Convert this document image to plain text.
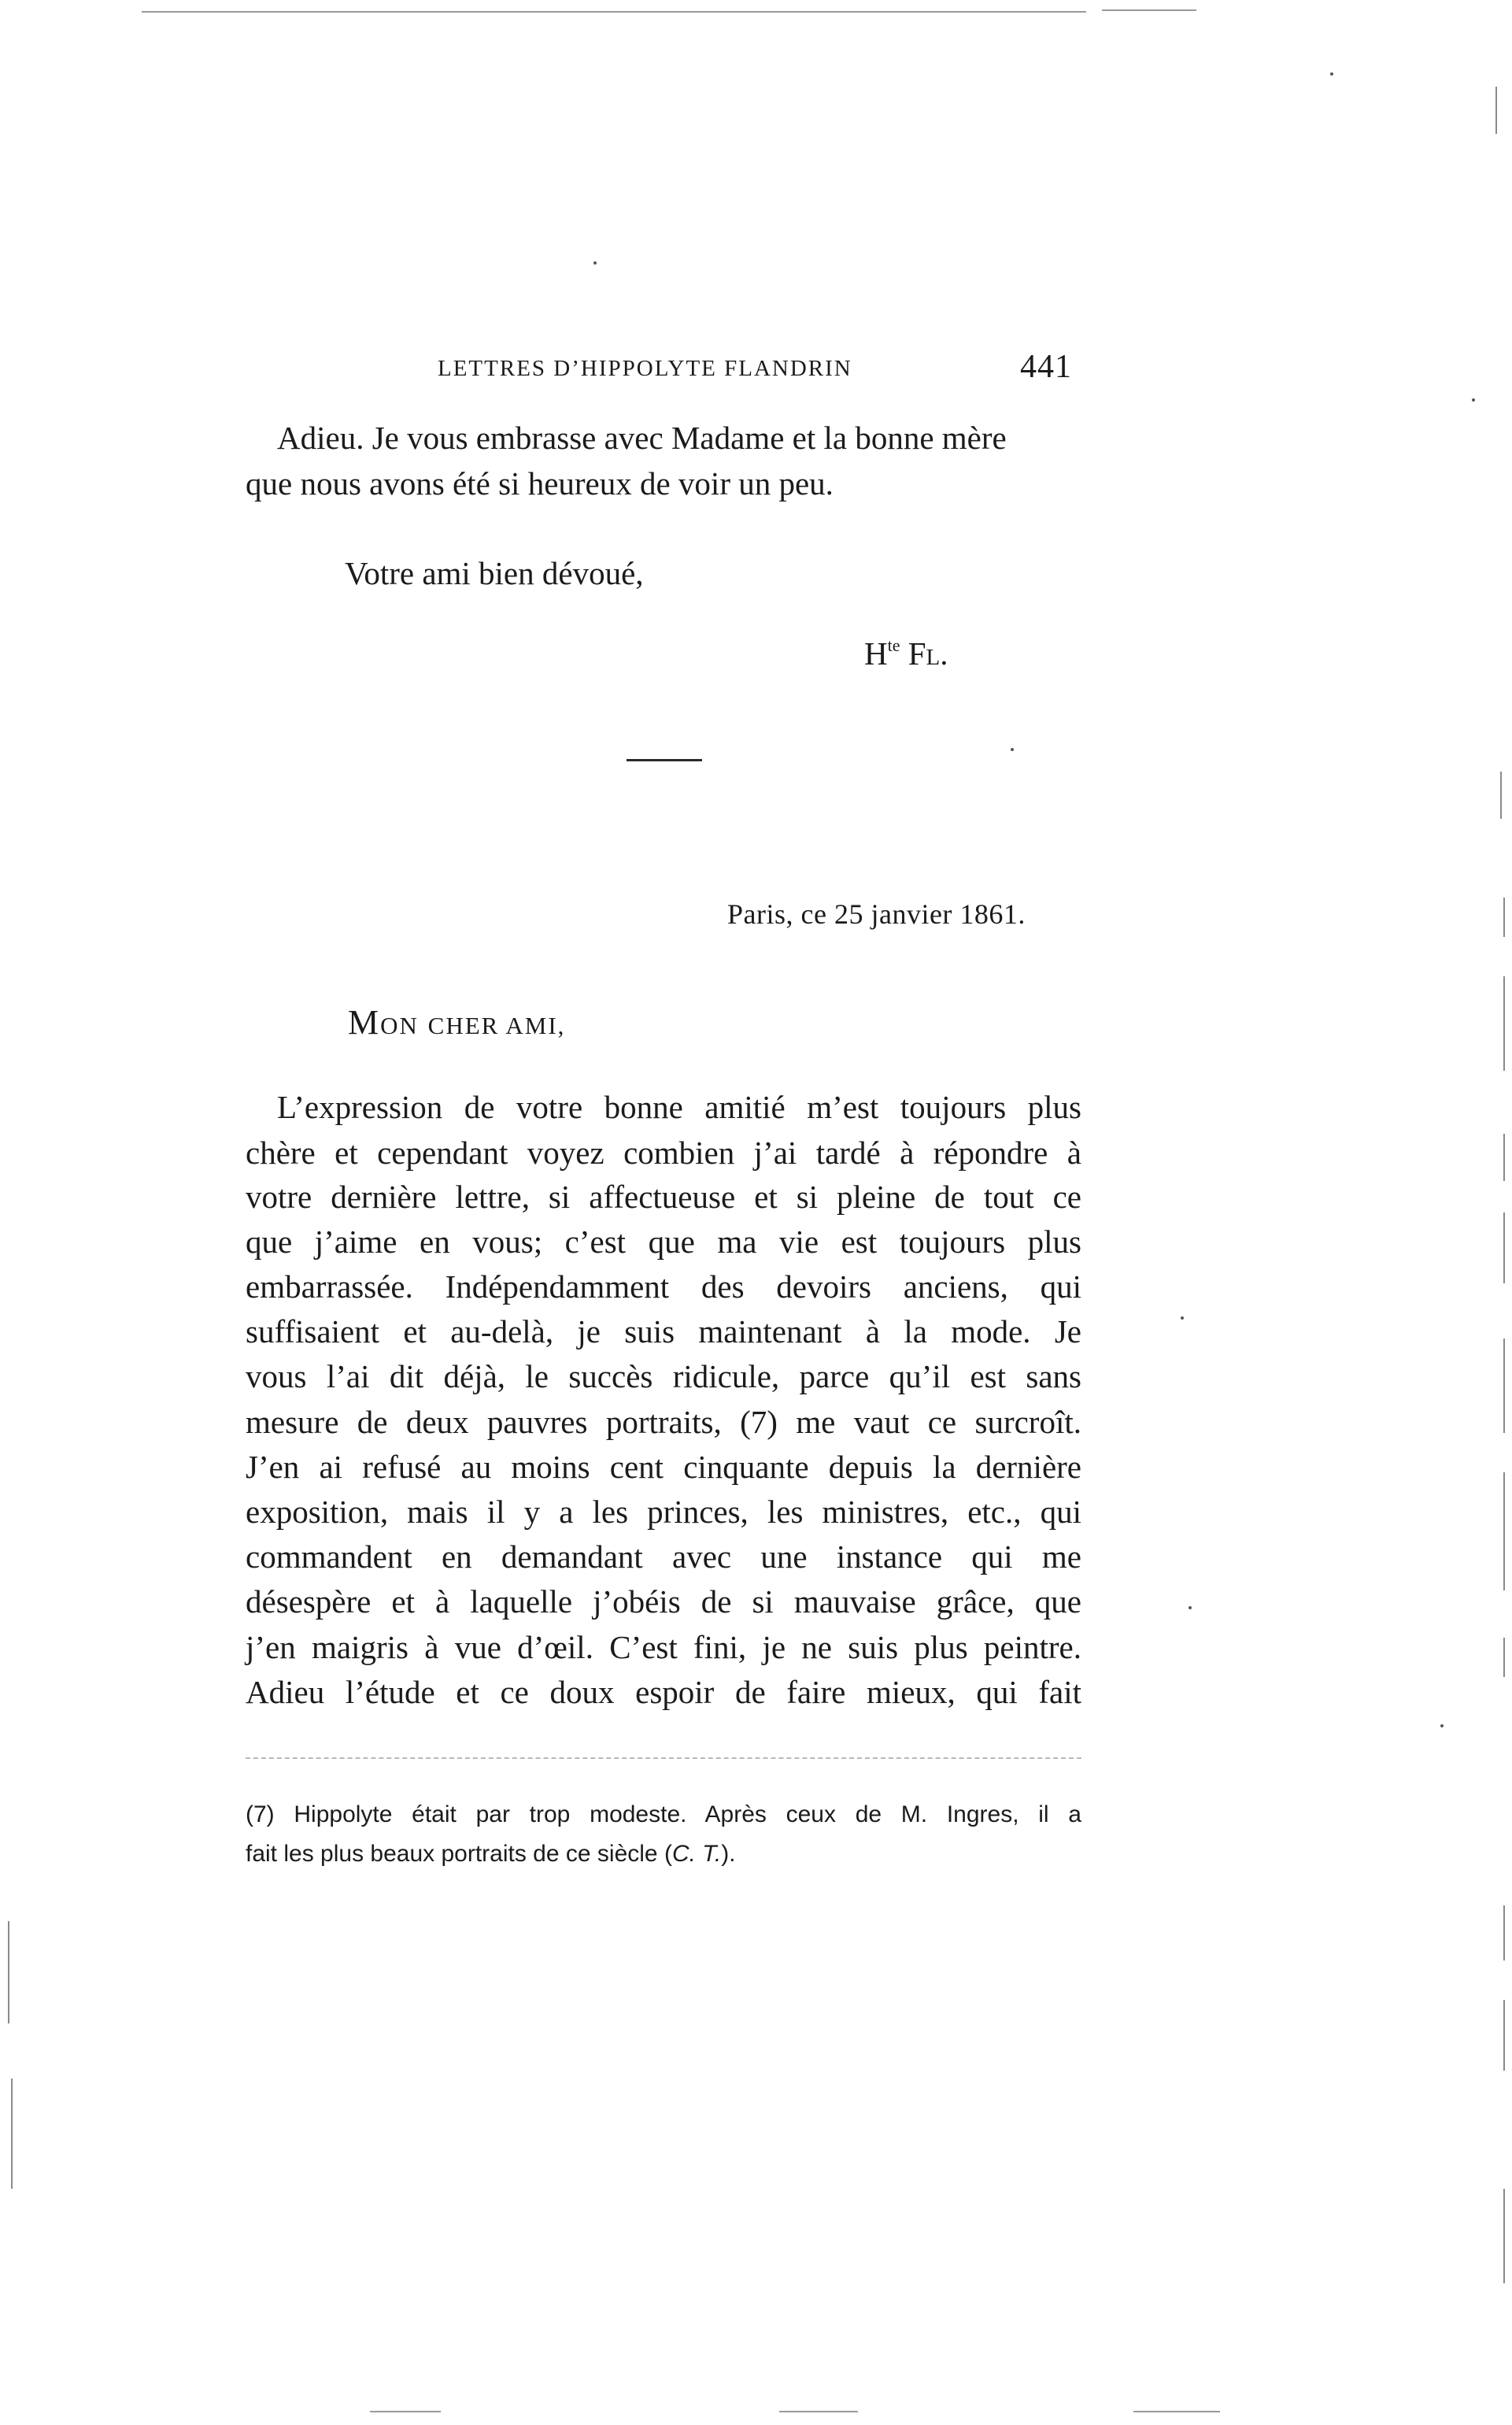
LETTRES D’HIPPOLYTE FLANDRIN	441
Adieu. Je vous embrasse avec Madame et la bonne mère
que nous avons été si heureux de voir un peu.
Votre ami bien dévoué,
$H^{te}$ Fl.
Paris, ce 25 janvier 1861.
MON CHER AMI,
L’expression de votre bonne amitié m’est toujours plus
chère et cependant voyez combien j’ai tardé à répondre à
votre dernière lettre, si affectueuse et si pleine de tout ce
que j’aime en vous; c’est que ma vie est toujours plus
embarrassée. Indépendamment des devoirs anciens, qui
suffisaient et au-delà, je suis maintenant à la mode. Je
vous l’ai dit déjà, le succès ridicule, parce qu’il est sans
mesure de deux pauvres portraits, (7) me vaut ce surcroît.
J’en ai refusé au moins cent cinquante depuis la dernière
exposition, mais il y a les princes, les ministres, etc., qui
commandent en demandant avec une instance qui me
désespère et à laquelle j’obéis de si mauvaise grâce, que
j’en maigris à vue d’œil. C’est fini, je ne suis plus peintre.
Adieu l’étude et ce doux espoir de faire mieux, qui fait
(7) Hippolyte était par trop modeste. Après ceux de M. Ingres, il a
fait les plus beaux portraits de ce siècle (C. T.).
